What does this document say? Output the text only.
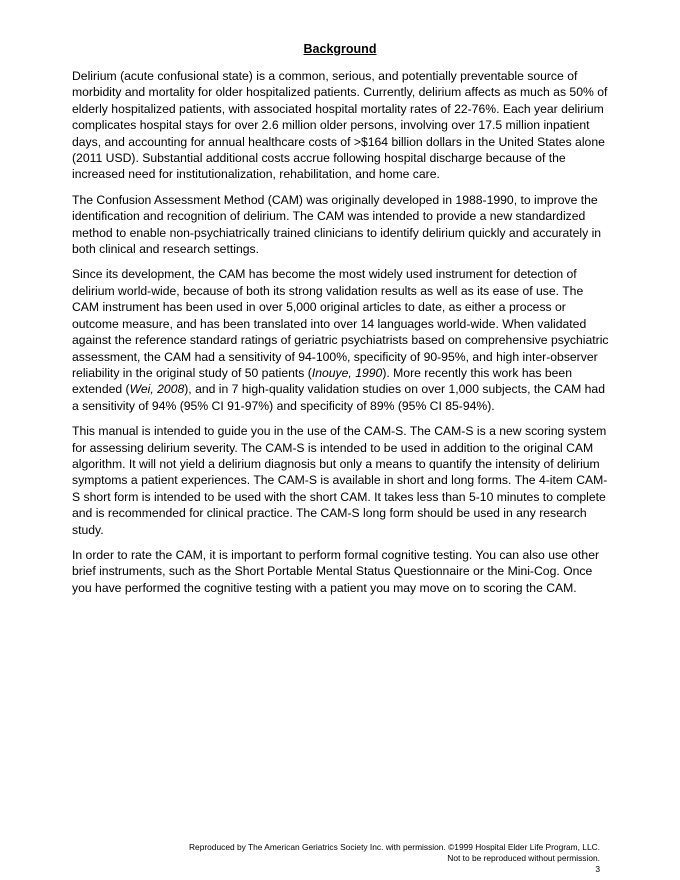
Background

Delirium (acute confusional state) is a common, serious, and potentially preventable source of morbidity and mortality for older hospitalized patients. Currently, delirium affects as much as 50% of elderly hospitalized patients, with associated hospital mortality rates of 22-76%. Each year delirium complicates hospital stays for over 2.6 million older persons, involving over 17.5 million inpatient days, and accounting for annual healthcare costs of >$164 billion dollars in the United States alone (2011 USD). Substantial additional costs accrue following hospital discharge because of the increased need for institutionalization, rehabilitation, and home care.

The Confusion Assessment Method (CAM) was originally developed in 1988-1990, to improve the identification and recognition of delirium. The CAM was intended to provide a new standardized method to enable non-psychiatrically trained clinicians to identify delirium quickly and accurately in both clinical and research settings.

Since its development, the CAM has become the most widely used instrument for detection of delirium world-wide, because of both its strong validation results as well as its ease of use. The CAM instrument has been used in over 5,000 original articles to date, as either a process or outcome measure, and has been translated into over 14 languages world-wide. When validated against the reference standard ratings of geriatric psychiatrists based on comprehensive psychiatric assessment, the CAM had a sensitivity of 94-100%, specificity of 90-95%, and high inter-observer reliability in the original study of 50 patients (Inouye, 1990). More recently this work has been extended (Wei, 2008), and in 7 high-quality validation studies on over 1,000 subjects, the CAM had a sensitivity of 94% (95% CI 91-97%) and specificity of 89% (95% CI 85-94%).

This manual is intended to guide you in the use of the CAM-S. The CAM-S is a new scoring system for assessing delirium severity. The CAM-S is intended to be used in addition to the original CAM algorithm. It will not yield a delirium diagnosis but only a means to quantify the intensity of delirium symptoms a patient experiences. The CAM-S is available in short and long forms. The 4-item CAM-S short form is intended to be used with the short CAM. It takes less than 5-10 minutes to complete and is recommended for clinical practice. The CAM-S long form should be used in any research study.

In order to rate the CAM, it is important to perform formal cognitive testing. You can also use other brief instruments, such as the Short Portable Mental Status Questionnaire or the Mini-Cog. Once you have performed the cognitive testing with a patient you may move on to scoring the CAM.

Reproduced by The American Geriatrics Society Inc. with permission. ©1999 Hospital Elder Life Program, LLC.
Not to be reproduced without permission.
3
